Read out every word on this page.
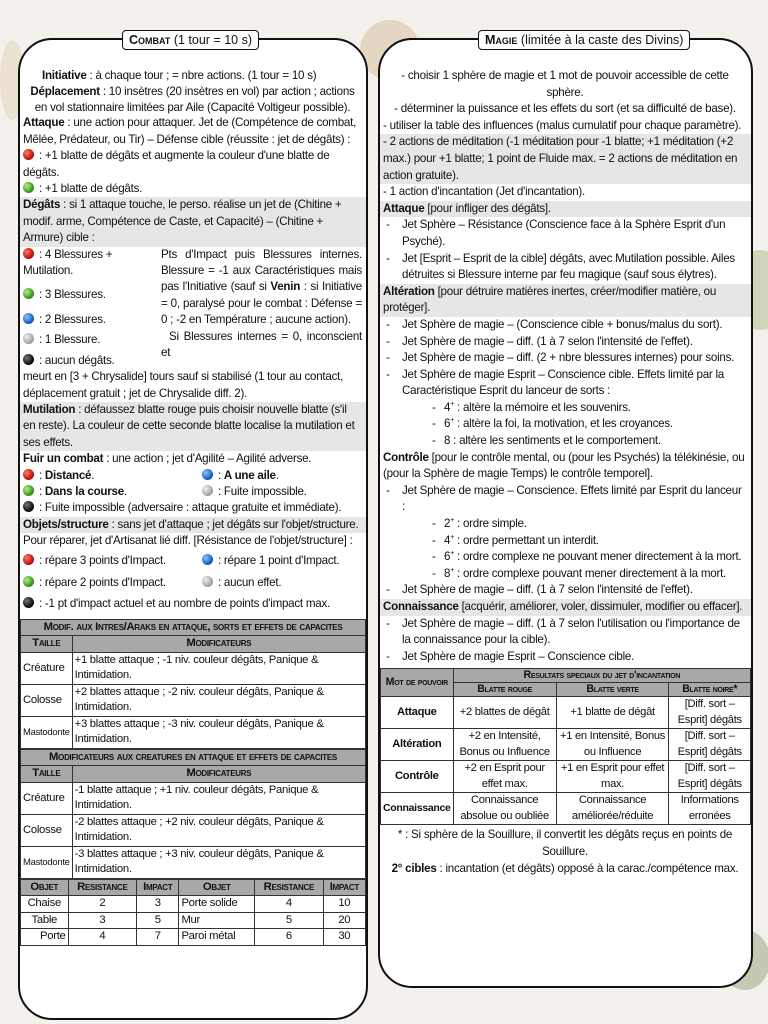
Combat (1 tour = 10 s)

Initiative : à chaque tour ; = nbre actions. (1 tour = 10 s)

Déplacement : 10 insètres (20 insètres en vol) par action ; actions en vol stationnaire limitées par Aile (Capacité Voltigeur possible).

Attaque : une action pour attaquer. Jet de (Compétence de combat, Mêlée, Prédateur, ou Tir) – Défense cible (réussite : jet de dégâts) :

: +1 blatte de dégâts et augmente la couleur d'une blatte de dégâts.

: +1 blatte de dégâts.

Dégâts : si 1 attaque touche, le perso. réalise un jet de (Chitine + modif. arme, Compétence de Caste, et Capacité) – (Chitine + Armure) cible :

: 4 Blessures + Mutilation.

: 3 Blessures.

: 2 Blessures.

: 1 Blessure.

: aucun dégâts.

Pts d'Impact puis Blessures internes. Blessure = -1 aux Caractéristiques mais pas l'Initiative (sauf si Venin : si Initiative = 0, paralysé pour le combat : Défense = 0 ; -2 en Température ; aucune action).

Si Blessures internes = 0, inconscient et

meurt en [3 + Chrysalide] tours sauf si stabilisé (1 tour au contact, déplacement gratuit ; jet de Chrysalide diff. 2).

Mutilation : défaussez blatte rouge puis choisir nouvelle blatte (s'il en reste). La couleur de cette seconde blatte localise la mutilation et ses effets.

Fuir un combat : une action ; jet d'Agilité – Agilité adverse.

: Distancé.

: Dans la course.

: A une aile.

: Fuite impossible.

: Fuite impossible (adversaire : attaque gratuite et immédiate).

Objets/structure : sans jet d'attaque ; jet dégâts sur l'objet/structure.

Pour réparer, jet d'Artisanat lié diff. [Résistance de l'objet/structure] :

: répare 3 points d'Impact.

: répare 2 points d'Impact.

: répare 1 point d'Impact.

: aucun effet.

: -1 pt d'impact actuel et au nombre de points d'impact max.

Modif. aux Intres/Araks en attaque, sorts et effets de capacites	
Taille	Modificateurs
Créature	+1 blatte attaque ; -1 niv. couleur dégâts, Panique & Intimidation.
Colosse	+2 blattes attaque ; -2 niv. couleur dégâts, Panique & Intimidation.
Mastodonte	+3 blattes attaque ; -3 niv. couleur dégâts, Panique & Intimidation.
Modificateurs aux creatures en attaque et effets de capacites	
Taille	Modificateurs
Créature	-1 blatte attaque ; +1 niv. couleur dégâts, Panique & Intimidation.
Colosse	-2 blattes attaque ; +2 niv. couleur dégâts, Panique & Intimidation.
Mastodonte	-3 blattes attaque ; +3 niv. couleur dégâts, Panique & Intimidation.
Objet	Resistance	Impact	Objet	Resistance	Impact
Chaise	2	3	Porte solide	4	10
Table	3	5	Mur	5	20
Porte	4	7	Paroi métal	6	30
Magie (limitée à la caste des Divins)

- choisir 1 sphère de magie et 1 mot de pouvoir accessible de cette sphère.

- déterminer la puissance et les effets du sort (et sa difficulté de base).

- utiliser la table des influences (malus cumulatif pour chaque paramètre).

- 2 actions de méditation (-1 méditation pour -1 blatte; +1 méditation (+2 max.) pour +1 blatte; 1 point de Fluide max. = 2 actions de méditation en action gratuite).

- 1 action d'incantation (Jet d'incantation).

Attaque [pour infliger des dégâts].

- Jet Sphère – Résistance (Conscience face à la Sphère Esprit d'un Psyché).
- Jet [Esprit – Esprit de la cible] dégâts, avec Mutilation possible. Ailes détruites si Blessure interne par feu magique (sauf sous élytres).

Altération [pour détruire matières inertes, créer/modifier matière, ou protéger].

- Jet Sphère de magie – (Conscience cible + bonus/malus du sort).
- Jet Sphère de magie – diff. (1 à 7 selon l'intensité de l'effet).
- Jet Sphère de magie – diff. (2 + nbre blessures internes) pour soins.
- Jet Sphère de magie Esprit – Conscience cible. Effets limité par la Caractéristique Esprit du lanceur de sorts :
- 4+ : altère la mémoire et les souvenirs.
- 6+ : altère la foi, la motivation, et les croyances.
- 8 : altère les sentiments et le comportement.

Contrôle [pour le contrôle mental, ou (pour les Psychés) la télékinésie, ou (pour la Sphère de magie Temps) le contrôle temporel].

- Jet Sphère de magie – Conscience. Effets limité par Esprit du lanceur :
- 2+ : ordre simple.
- 4+ : ordre permettant un interdit.
- 6+ : ordre complexe ne pouvant mener directement à la mort.
- 8+ : ordre complexe pouvant mener directement à la mort.
- Jet Sphère de magie – diff. (1 à 7 selon l'intensité de l'effet).

Connaissance [acquérir, améliorer, voler, dissimuler, modifier ou effacer].

- Jet Sphère de magie – diff. (1 à 7 selon l'utilisation ou l'importance de la connaissance pour la cible).
- Jet Sphère de magie Esprit – Conscience cible.
Mot de pouvoir	Resultats speciaux du jet d'incantation		
	Blatte rouge	Blatte verte	Blatte noire*
Attaque	+2 blattes de dégât	+1 blatte de dégât	[Diff. sort – Esprit] dégâts
Altération	+2 en Intensité, Bonus ou Influence	+1 en Intensité, Bonus ou Influence	[Diff. sort – Esprit] dégâts
Contrôle	+2 en Esprit pour effet max.	+1 en Esprit pour effet max.	[Diff. sort – Esprit] dégâts
Connaissance	Connaissance absolue ou oubliée	Connaissance améliorée/réduite	Informations erronées

* : Si sphère de la Souillure, il convertit les dégâts reçus en points de Souillure.

2° cibles : incantation (et dégâts) opposé à la carac./compétence max.
